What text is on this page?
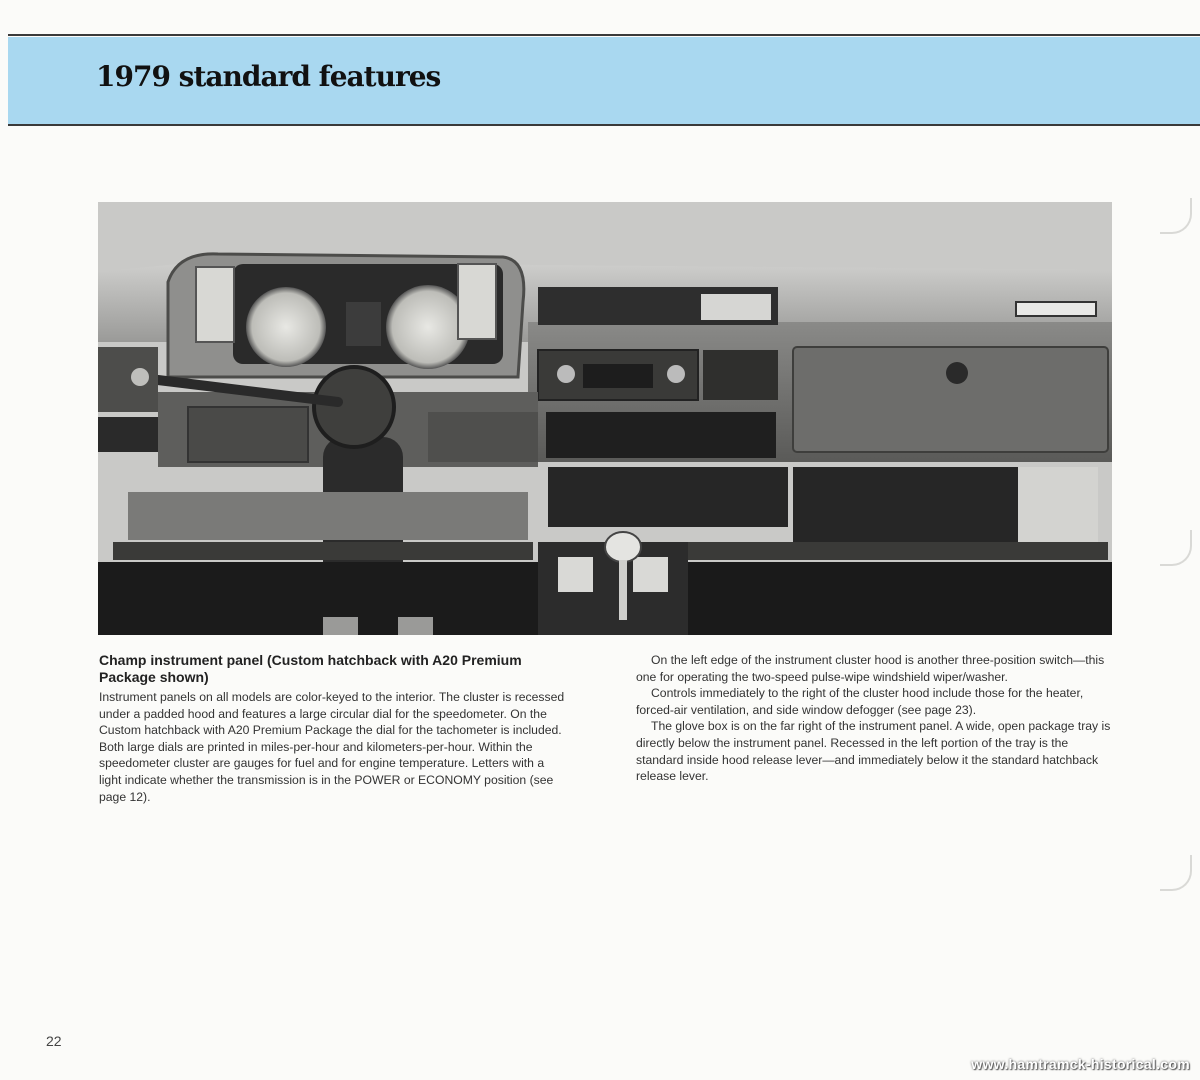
1979 standard features
Champ instrument panel (Custom hatchback with A20 Premium Package shown)

Instrument panels on all models are color-keyed to the interior. The cluster is recessed under a padded hood and features a large circular dial for the speedometer. On the Custom hatchback with A20 Premium Package the dial for the tachometer is included. Both large dials are printed in miles-per-hour and kilometers-per-hour. Within the speedometer cluster are gauges for fuel and for engine temperature. Letters with a light indicate whether the transmission is in the POWER or ECONOMY position (see page 12).

On the left edge of the instrument cluster hood is another three-position switch—this one for operating the two-speed pulse-wipe windshield wiper/washer.

Controls immediately to the right of the cluster hood include those for the heater, forced-air ventilation, and side window defogger (see page 23).

The glove box is on the far right of the instrument panel. A wide, open package tray is directly below the instrument panel. Recessed in the left portion of the tray is the standard inside hood release lever—and immediately below it the standard hatchback release lever.

22
www.hamtramck-historical.com
